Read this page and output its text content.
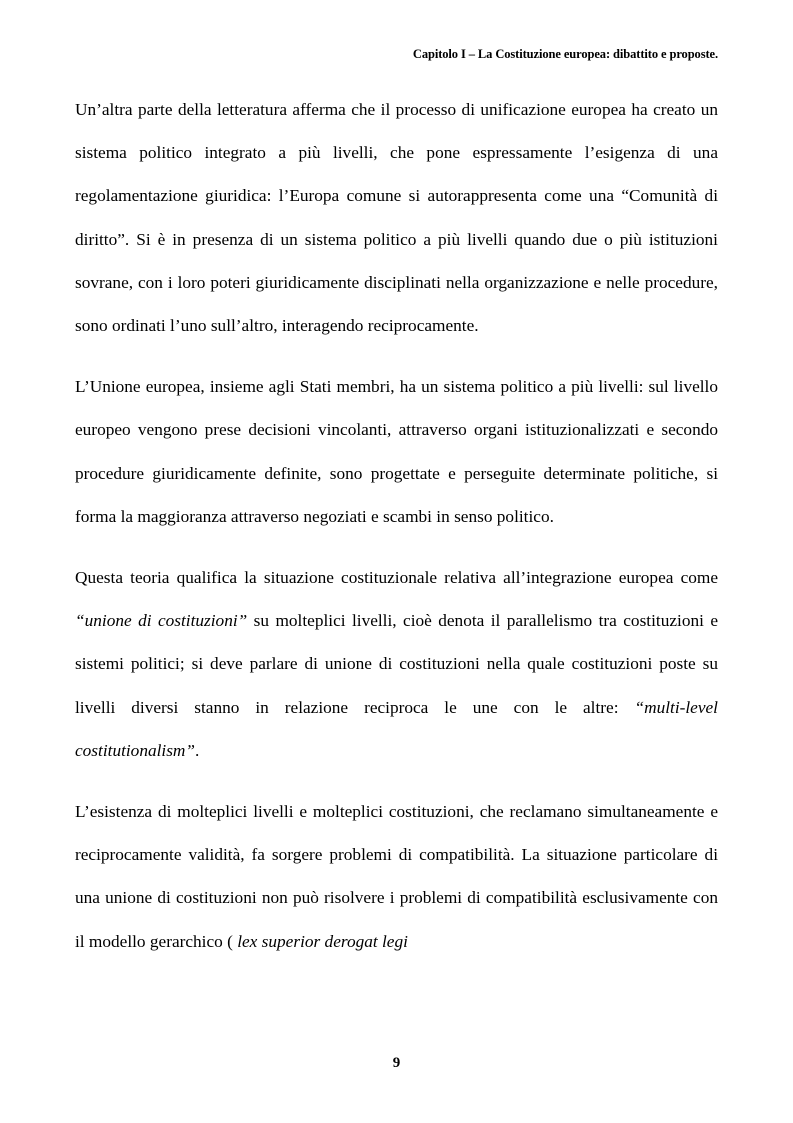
Capitolo I – La Costituzione europea: dibattito e proposte.

Un’altra parte della letteratura afferma che il processo di unificazione europea ha creato un sistema politico integrato a più livelli, che pone espressamente l’esigenza di una regolamentazione giuridica: l’Europa comune si autorappresenta come una “Comunità di diritto”. Si è in presenza di un sistema politico a più livelli quando due o più istituzioni sovrane, con i loro poteri giuridicamente disciplinati nella organizzazione e nelle procedure, sono ordinati l’uno sull’altro, interagendo reciprocamente.

L’Unione europea, insieme agli Stati membri, ha un sistema politico a più livelli: sul livello europeo vengono prese decisioni vincolanti, attraverso organi istituzionalizzati e secondo procedure giuridicamente definite, sono progettate e perseguite determinate politiche, si forma la maggioranza attraverso negoziati e scambi in senso politico.

Questa teoria qualifica la situazione costituzionale relativa all’integrazione europea come “unione di costituzioni” su molteplici livelli, cioè denota il parallelismo tra costituzioni e sistemi politici; si deve parlare di unione di costituzioni nella quale costituzioni poste su livelli diversi stanno in relazione reciproca le une con le altre: “multi-level costitutionalism”.

L’esistenza di molteplici livelli e molteplici costituzioni, che reclamano simultaneamente e reciprocamente validità, fa sorgere problemi di compatibilità. La situazione particolare di una unione di costituzioni non può risolvere i problemi di compatibilità esclusivamente con il modello gerarchico ( lex superior derogat legi

9
